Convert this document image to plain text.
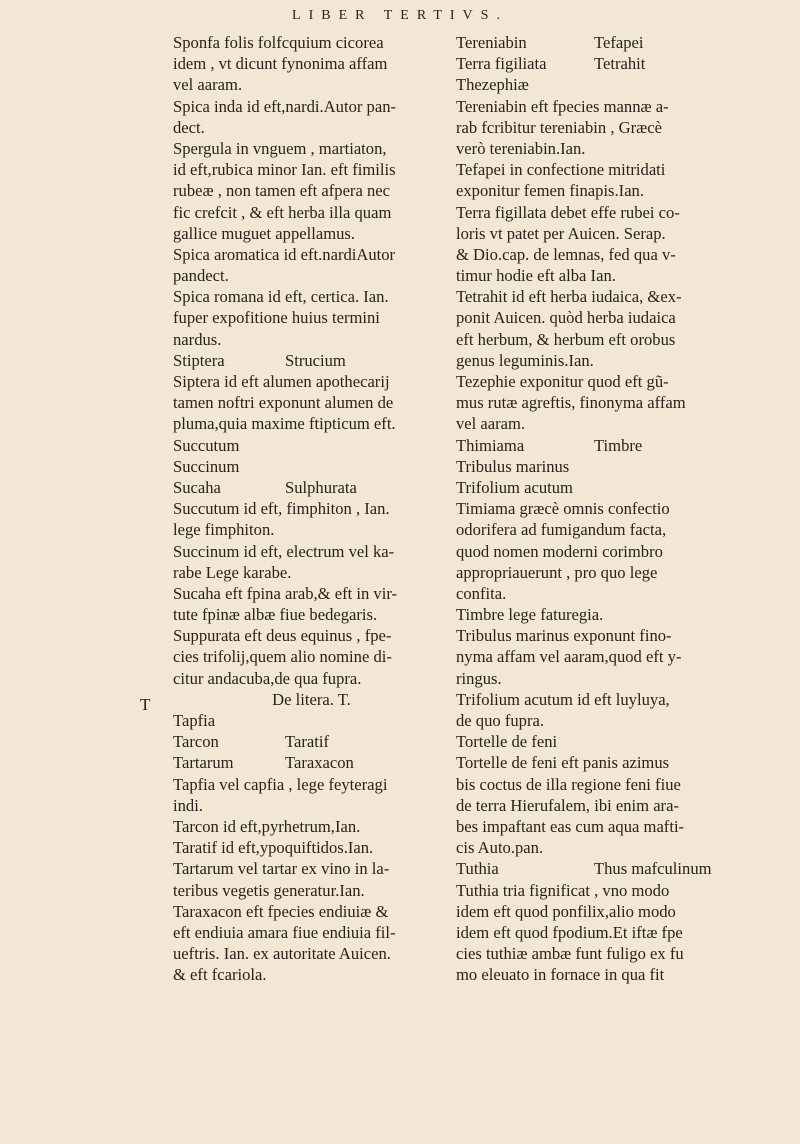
LIBER TERTIVS.
T
Sponfa folis folfcquium cicorea
idem , vt dicunt fynonima affam
vel aaram.
Spica inda id eft,nardi.Autor pan-
dect.
Spergula in vnguem , martiaton,
id eft,rubica minor Ian. eft fimilis
rubeæ , non tamen eft afpera nec
fic crefcit , & eft herba illa quam
gallice muguet appellamus.
Spica aromatica id eft.nardiAutor
pandect.
Spica romana id eft, certica. Ian.
fuper expofitione huius termini
nardus.
Stiptera	Strucium
Siptera id eft alumen apothecarij
tamen noftri exponunt alumen de
pluma,quia maxime ftipticum eft.
Succutum
Succinum
Sucaha	Sulphurata
Succutum id eft, fimphiton , Ian.
lege fimphiton.
Succinum id eft, electrum vel ka-
rabe Lege karabe.
Sucaha eft fpina arab,& eft in vir-
tute fpinæ albæ fiue bedegaris.
Suppurata eft deus equinus , fpe-
cies trifolij,quem alio nomine di-
citur andacuba,de qua fupra.
De litera. T.
Tapfia
Tarcon	Taratif
Tartarum	Taraxacon
Tapfia vel capfia , lege feyteragi
indi.
Tarcon id eft,pyrhetrum,Ian.
Taratif id eft,ypoquiftidos.Ian.
Tartarum vel tartar ex vino in la-
teribus vegetis generatur.Ian.
Taraxacon eft fpecies endiuiæ &
eft endiuia amara fiue endiuia fil-
ueftris. Ian. ex autoritate Auicen.
& eft fcariola.
Tereniabin	Tefapei
Terra figiliata	Tetrahit
Thezephiæ
Tereniabin eft fpecies mannæ a-
rab fcribitur tereniabin , Græcè
verò tereniabin.Ian.
Tefapei in confectione mitridati
exponitur femen finapis.Ian.
Terra figillata debet effe rubei co-
loris vt patet per Auicen. Serap.
& Dio.cap. de lemnas, fed qua v-
timur hodie eft alba Ian.
Tetrahit id eft herba iudaica, &ex-
ponit Auicen. quòd herba iudaica
eft herbum, & herbum eft orobus
genus leguminis.Ian.
Tezephie exponitur quod eft gũ-
mus rutæ agreftis, finonyma affam
vel aaram.
Thimiama	Timbre
Tribulus marinus
Trifolium acutum
Timiama græcè omnis confectio
odorifera ad fumigandum facta,
quod nomen moderni corimbro
appropriauerunt , pro quo lege
confita.
Timbre lege faturegia.
Tribulus marinus exponunt fino-
nyma affam vel aaram,quod eft y-
ringus.
Trifolium acutum id eft luyluya,
de quo fupra.
Tortelle de feni
Tortelle de feni eft panis azimus
bis coctus de illa regione feni fiue
de terra Hierufalem, ibi enim ara-
bes impaftant eas cum aqua mafti-
cis Auto.pan.
Tuthia	Thus mafculinum
Tuthia tria fignificat , vno modo
idem eft quod ponfilix,alio modo
idem eft quod fpodium.Et iftæ fpe
cies tuthiæ ambæ funt fuligo ex fu
mo eleuato in fornace in qua fit
